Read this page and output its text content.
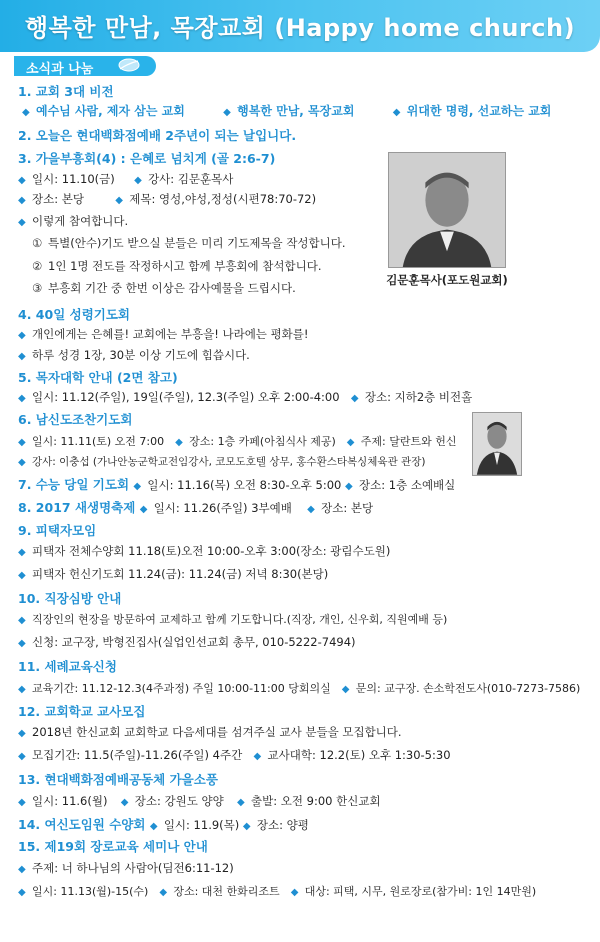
행복한 만남, 목장교회 (Happy home church)
소식과 나눔
1. 교회 3대 비전
◆ 예수님 사람, 제자 삼는 교회	◆ 행복한 만남, 목장교회	◆ 위대한 명령, 선교하는 교회
2. 오늘은 현대백화점예배 2주년이 되는 날입니다.
3. 가을부흥회(4) : 은혜로 넘치게 (골 2:6-7)
◆ 일시: 11.10(금) ◆ 강사: 김문훈목사
◆ 장소: 본당	◆ 제목: 영성,야성,정성(시편78:70-72)
◆ 이렇게 참여합니다.
① 특별(안수)기도 받으실 분들은 미리 기도제목을 작성합니다.
② 1인 1명 전도를 작정하시고 함께 부흥회에 참석합니다.
③ 부흥회 기간 중 한번 이상은 감사예물을 드립시다.
김문훈목사(포도원교회)
4. 40일 성령기도회
◆ 개인에게는 은혜를! 교회에는 부흥을! 나라에는 평화를!
◆ 하루 성경 1장, 30분 이상 기도에 힘씁시다.
5. 목자대학 안내 (2면 참고)
◆ 일시: 11.12(주일), 19일(주일), 12.3(주일) 오후 2:00-4:00 ◆ 장소: 지하2층 비전홀
6. 남신도조찬기도회
◆ 일시: 11.11(토) 오전 7:00 ◆ 장소: 1층 카페(아침식사 제공) ◆ 주제: 달란트와 헌신
◆ 강사: 이충섭 (가나안농군학교전임강사, 코모도호텔 상무, 홍수환스타복싱체육관 관장)
7. 수능 당일 기도회 ◆ 일시: 11.16(목) 오전 8:30-오후 5:00 ◆ 장소: 1층 소예배실
8. 2017 새생명축제 ◆ 일시: 11.26(주일) 3부예배 ◆ 장소: 본당
9. 피택자모임
◆ 피택자 전체수양회 11.18(토)오전 10:00-오후 3:00(장소: 광림수도원)
◆ 피택자 헌신기도회 11.24(금): 11.24(금) 저녁 8:30(본당)
10. 직장심방 안내
◆ 직장인의 현장을 방문하여 교제하고 함께 기도합니다.(직장, 개인, 신우회, 직원예배 등)
◆ 신청: 교구장, 박형진집사(실업인선교회 총무, 010-5222-7494)
11. 세례교육신청
◆ 교육기간: 11.12-12.3(4주과정) 주일 10:00-11:00 당회의실 ◆ 문의: 교구장. 손소학전도사(010-7273-7586)
12. 교회학교 교사모집
◆ 2018년 한신교회 교회학교 다음세대를 섬겨주실 교사 분들을 모집합니다.
◆ 모집기간: 11.5(주일)-11.26(주일) 4주간 ◆ 교사대학: 12.2(토) 오후 1:30-5:30
13. 현대백화점예배공동체 가을소풍
◆ 일시: 11.6(월) ◆ 장소: 강원도 양양 ◆ 출발: 오전 9:00 한신교회
14. 여신도임원 수양회 ◆ 일시: 11.9(목) ◆ 장소: 양평
15. 제19회 장로교육 세미나 안내
◆ 주제: 너 하나님의 사람아(딤전6:11-12)
◆ 일시: 11.13(월)-15(수) ◆ 장소: 대천 한화리조트 ◆ 대상: 피택, 시무, 원로장로(참가비: 1인 14만원)
